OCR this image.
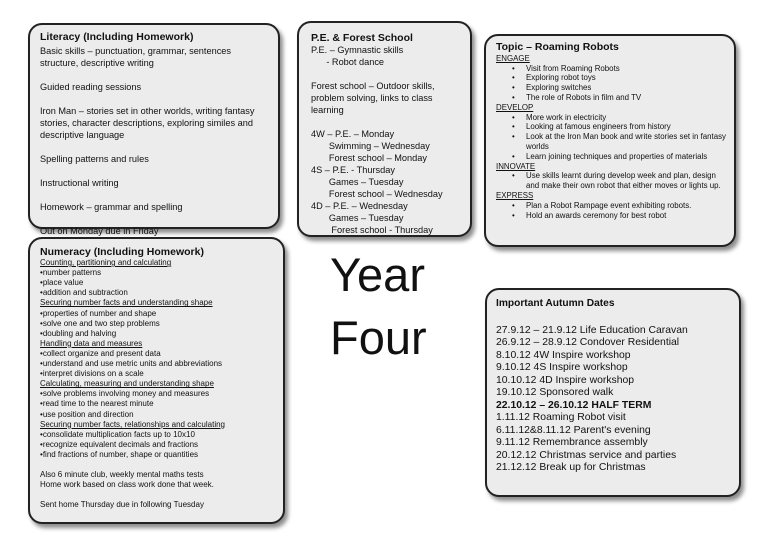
Literacy (Including Homework)
Basic skills – punctuation, grammar, sentences structure, descriptive writing
Guided reading sessions
Iron Man – stories set in other worlds, writing fantasy stories, character descriptions, exploring similes and descriptive language
Spelling patterns and rules
Instructional writing
Homework – grammar and spelling
Out on Monday due in Friday
P.E. & Forest School
P.E. – Gymnastic skills
- Robot dance
Forest school – Outdoor skills, problem solving, links to class learning
4W – P.E. – Monday
Swimming – Wednesday
Forest school – Monday
4S – P.E. - Thursday
Games – Tuesday
Forest school – Wednesday
4D – P.E. – Wednesday
Games – Tuesday
Forest school - Thursday
Topic – Roaming Robots
ENGAGE
• Visit from Roaming Robots
• Exploring robot toys
• Exploring switches
• The role of Robots in film and TV
DEVELOP
• More work in electricity
• Looking at famous engineers from history
• Look at the Iron Man book and write stories set in fantasy worlds
• Learn joining techniques and properties of materials
INNOVATE
• Use skills learnt during develop week and plan, design and make their own robot that either moves or lights up.
EXPRESS
• Plan a Robot Rampage event exhibiting robots.
• Hold an awards ceremony for best robot
Numeracy (Including Homework)
Counting, partitioning and calculating
• number patterns
• place value
• addition and subtraction
Securing number facts and understanding shape
• properties of number and shape
• solve one and two step problems
• doubling and halving
Handling data and measures
• collect organize and present data
• understand and use metric units and abbreviations
• interpret divisions on a scale
Calculating, measuring and understanding shape
• solve problems involving money and measures
• read time to the nearest minute
• use position and direction
Securing number facts, relationships and calculating
• consolidate multiplication facts up to 10x10
• recognize equivalent decimals and fractions
• find fractions of number, shape or quantities
Also 6 minute club, weekly mental maths tests
Home work based on class work done that week.
Sent home Thursday due in following Tuesday
Year
Four
Important Autumn Dates
27.9.12 – 21.9.12 Life Education Caravan
26.9.12 – 28.9.12 Condover Residential
8.10.12 4W Inspire workshop
9.10.12 4S Inspire workshop
10.10.12 4D Inspire workshop
19.10.12 Sponsored walk
22.10.12 – 26.10.12 HALF TERM
1.11.12 Roaming Robot visit
6.11.12&8.11.12 Parent's evening
9.11.12 Remembrance assembly
20.12.12 Christmas service and parties
21.12.12 Break up for Christmas
